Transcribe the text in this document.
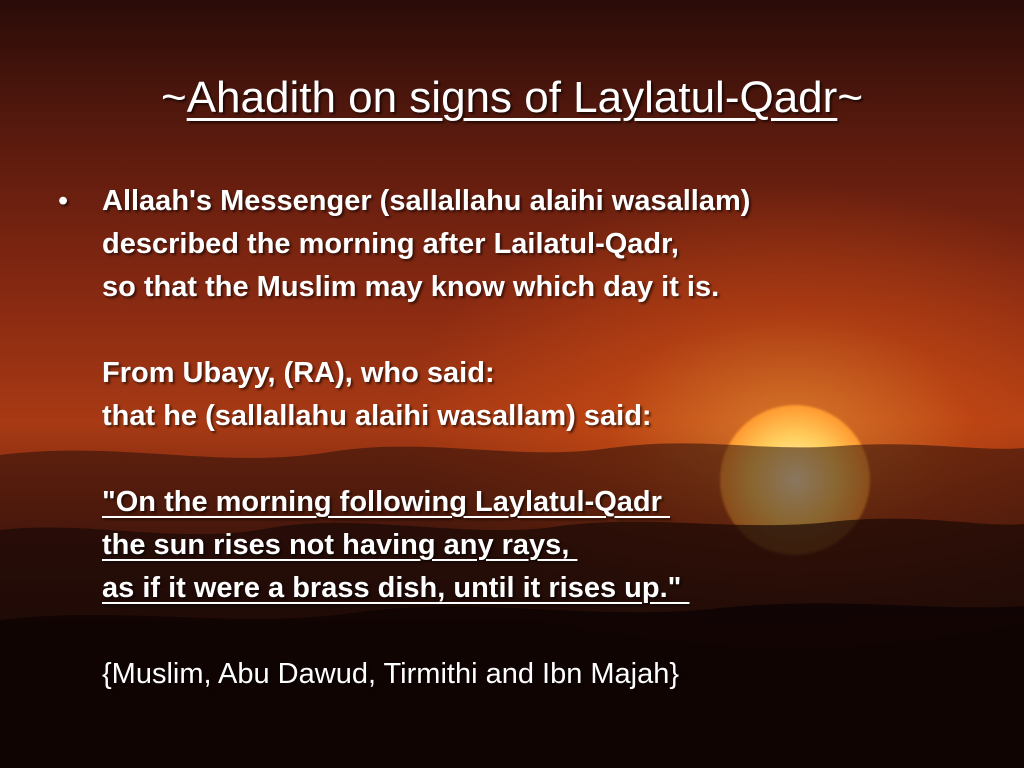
~Ahadith on signs of Laylatul-Qadr~
• Allaah's Messenger (sallallahu alaihi wasallam)
described the morning after Lailatul-Qadr,
so that the Muslim may know which day it is.
From Ubayy, (RA), who said:
that he (sallallahu alaihi wasallam) said:
"On the morning following Laylatul-Qadr
the sun rises not having any rays,
as if it were a brass dish, until it rises up."
{Muslim, Abu Dawud, Tirmithi and Ibn Majah}
